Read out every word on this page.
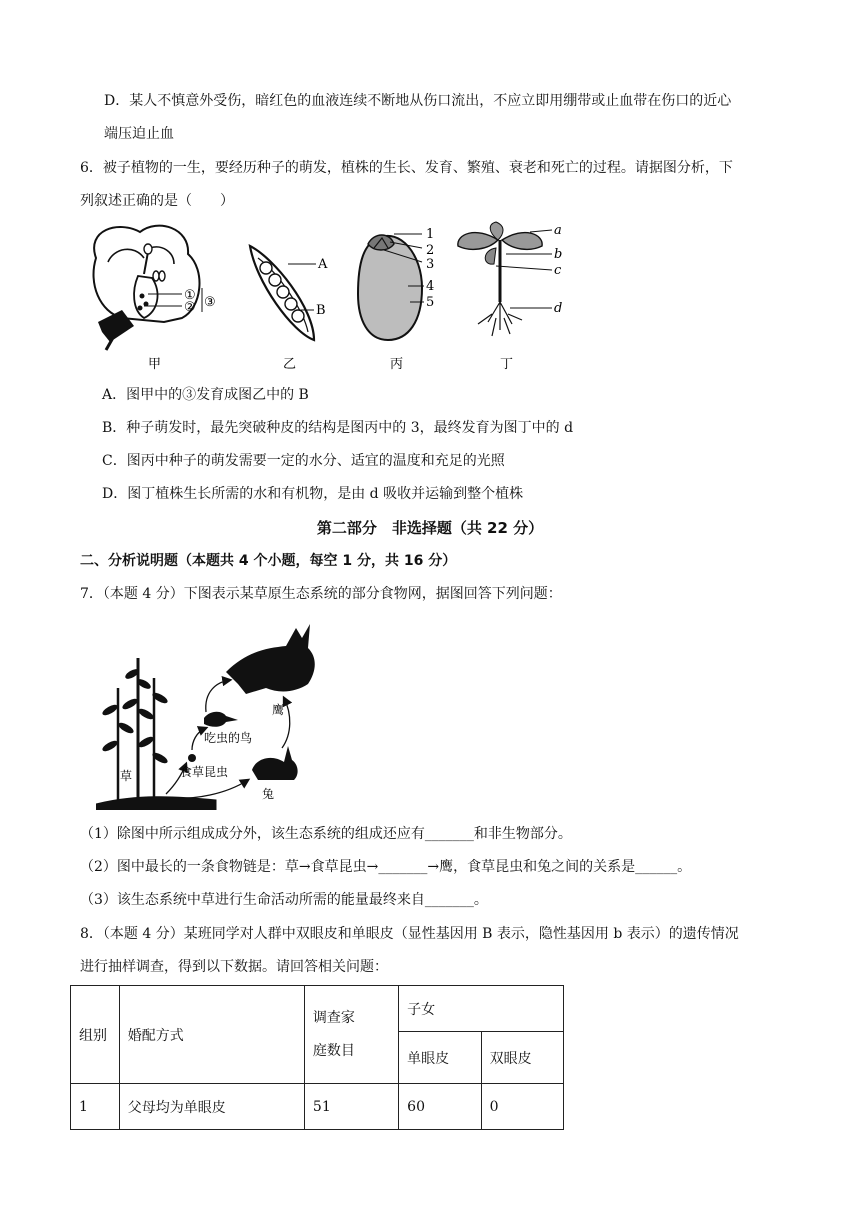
D．某人不慎意外受伤，暗红色的血液连续不断地从伤口流出，不应立即用绷带或止血带在伤口的近心
端压迫止血
6．被子植物的一生，要经历种子的萌发，植株的生长、发育、繁殖、衰老和死亡的过程。请据图分析，下
列叙述正确的是（　　）
①
② ③
甲
A
B
乙
1
2
3
4
5
丙
a
b
c
d
丁
A．图甲中的③发育成图乙中的 B
B．种子萌发时，最先突破种皮的结构是图丙中的 3，最终发育为图丁中的 d
C．图丙中种子的萌发需要一定的水分、适宜的温度和充足的光照
D．图丁植株生长所需的水和有机物，是由 d 吸收并运输到整个植株
第二部分　非选择题（共 22 分）
二、分析说明题（本题共 4 个小题，每空 1 分，共 16 分）
7．（本题 4 分）下图表示某草原生态系统的部分食物网，据图回答下列问题：
鹰
吃虫的鸟
草	食草昆虫
兔
（1）除图中所示组成成分外，该生态系统的组成还应有_______和非生物部分。
（2）图中最长的一条食物链是：草→食草昆虫→_______→鹰，食草昆虫和兔之间的关系是______。
（3）该生态系统中草进行生命活动所需的能量最终来自_______。
8．（本题 4 分）某班同学对人群中双眼皮和单眼皮（显性基因用 B 表示，隐性基因用 b 表示）的遗传情况
进行抽样调查，得到以下数据。请回答相关问题：
组别	婚配方式	调查家
庭数目	子女	
			单眼皮	双眼皮
1	父母均为单眼皮	51	60	0
